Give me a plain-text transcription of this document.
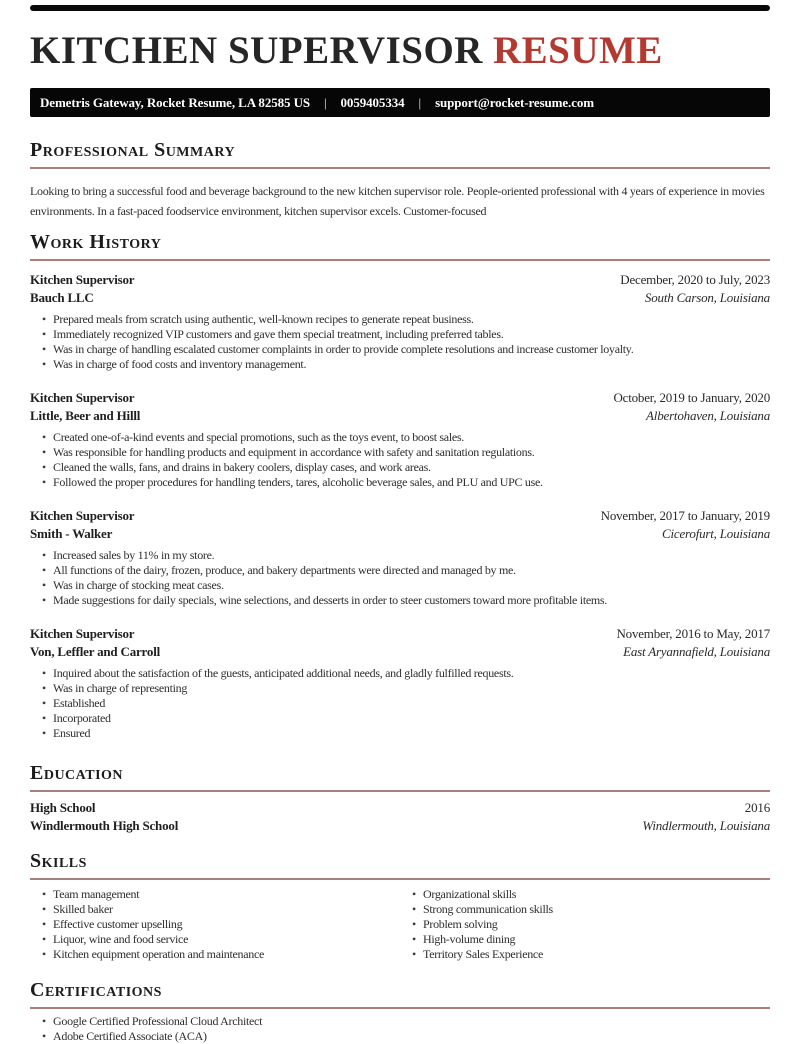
KITCHEN SUPERVISOR RESUME
Demetris Gateway, Rocket Resume, LA 82585 US	|	0059405334	|	support@rocket-resume.com
Professional Summary

Looking to bring a successful food and beverage background to the new kitchen supervisor role. People-oriented professional with 4 years of experience in movies environments. In a fast-paced foodservice environment, kitchen supervisor excels. Customer-focused

Work History
Kitchen Supervisor	December, 2020 to July, 2023
Bauch LLC	South Carson, Louisiana
• Prepared meals from scratch using authentic, well-known recipes to generate repeat business.
• Immediately recognized VIP customers and gave them special treatment, including preferred tables.
• Was in charge of handling escalated customer complaints in order to provide complete resolutions and increase customer loyalty.
• Was in charge of food costs and inventory management.
Kitchen Supervisor	October, 2019 to January, 2020
Little, Beer and Hilll	Albertohaven, Louisiana
• Created one-of-a-kind events and special promotions, such as the toys event, to boost sales.
• Was responsible for handling products and equipment in accordance with safety and sanitation regulations.
• Cleaned the walls, fans, and drains in bakery coolers, display cases, and work areas.
• Followed the proper procedures for handling tenders, tares, alcoholic beverage sales, and PLU and UPC use.
Kitchen Supervisor	November, 2017 to January, 2019
Smith - Walker	Cicerofurt, Louisiana
• Increased sales by 11% in my store.
• All functions of the dairy, frozen, produce, and bakery departments were directed and managed by me.
• Was in charge of stocking meat cases.
• Made suggestions for daily specials, wine selections, and desserts in order to steer customers toward more profitable items.
Kitchen Supervisor	November, 2016 to May, 2017
Von, Leffler and Carroll	East Aryannafield, Louisiana
• Inquired about the satisfaction of the guests, anticipated additional needs, and gladly fulfilled requests.
• Was in charge of representing
• Established
• Incorporated
• Ensured
Education
High School	2016
Windlermouth High School	Windlermouth, Louisiana
Skills
• Team management
• Skilled baker
• Effective customer upselling
• Liquor, wine and food service
• Kitchen equipment operation and maintenance
• Organizational skills
• Strong communication skills
• Problem solving
• High-volume dining
• Territory Sales Experience
Certifications
• Google Certified Professional Cloud Architect
• Adobe Certified Associate (ACA)
